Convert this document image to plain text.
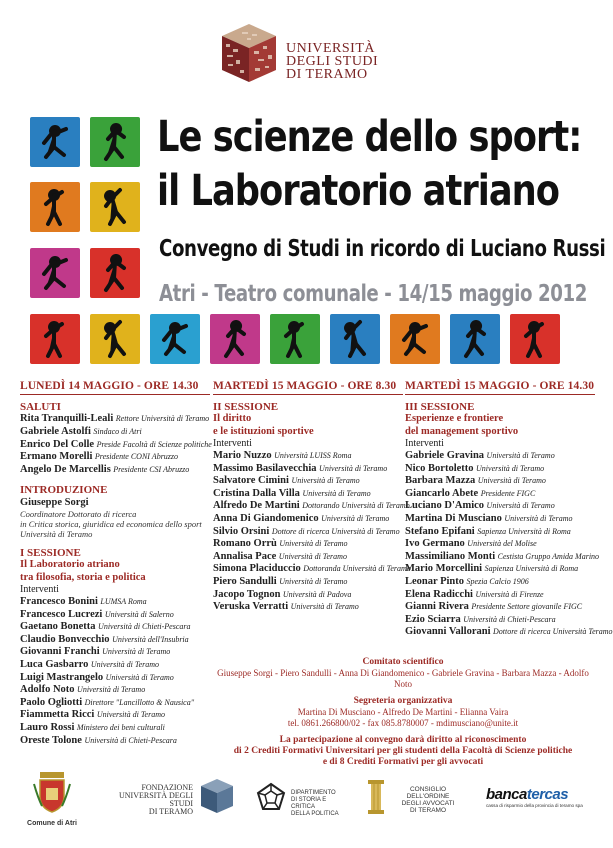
UNIVERSITÀ
DEGLI STUDI
DI TERAMO
Le scienze dello sport:
il Laboratorio atriano
Convegno di Studi in ricordo di Luciano Russi
Atri - Teatro comunale - 14/15 maggio 2012
LUNEDÌ 14 MAGGIO - ORE 14.30
SALUTI
Rita Tranquilli-Leali Rettore Università di Teramo
Gabriele Astolfi Sindaco di Atri
Enrico Del Colle Preside Facoltà di Scienze politiche
Ermano Morelli Presidente CONI Abruzzo
Angelo De Marcellis Presidente CSI Abruzzo
INTRODUZIONE
Giuseppe Sorgi
Coordinatore Dottorato di ricerca
in Critica storica, giuridica ed economica dello sport
Università di Teramo
I SESSIONE
Il Laboratorio atriano
tra filosofia, storia e politica
Interventi
Francesco Bonini LUMSA Roma
Francesco Lucrezi Università di Salerno
Gaetano Bonetta Università di Chieti-Pescara
Claudio Bonvecchio Università dell'Insubria
Giovanni Franchi Università di Teramo
Luca Gasbarro Università di Teramo
Luigi Mastrangelo Università di Teramo
Adolfo Noto Università di Teramo
Paolo Ogliotti Direttore "Lancillotto & Nausica"
Fiammetta Ricci Università di Teramo
Lauro Rossi Ministero dei beni culturali
Oreste Tolone Università di Chieti-Pescara
MARTEDÌ 15 MAGGIO - ORE 8.30
II SESSIONE
Il diritto
e le istituzioni sportive
Interventi
Mario Nuzzo Università LUISS Roma
Massimo Basilavecchia Università di Teramo
Salvatore Cimini Università di Teramo
Cristina Dalla Villa Università di Teramo
Alfredo De Martini Dottorando Università di Teramo
Anna Di Giandomenico Università di Teramo
Silvio Orsini Dottore di ricerca Università di Teramo
Romano Orrù Università di Teramo
Annalisa Pace Università di Teramo
Simona Placiduccio Dottoranda Università di Teramo
Piero Sandulli Università di Teramo
Jacopo Tognon Università di Padova
Veruska Verratti Università di Teramo
MARTEDÌ 15 MAGGIO - ORE 14.30
III SESSIONE
Esperienze e frontiere
del management sportivo
Interventi
Gabriele Gravina Università di Teramo
Nico Bortoletto Università di Teramo
Barbara Mazza Università di Teramo
Giancarlo Abete Presidente FIGC
Luciano D'Amico Università di Teramo
Martina Di Musciano Università di Teramo
Stefano Epifani Sapienza Università di Roma
Ivo Germano Università del Molise
Massimiliano Monti Cestista Gruppo Amida Marino
Mario Morcellini Sapienza Università di Roma
Leonar Pinto Spezia Calcio 1906
Elena Radicchi Università di Firenze
Gianni Rivera Presidente Settore giovanile FIGC
Ezio Sciarra Università di Chieti-Pescara
Giovanni Vallorani Dottore di ricerca Università Teramo
Comitato scientifico
Giuseppe Sorgi - Piero Sandulli - Anna Di Giandomenico - Gabriele Gravina - Barbara Mazza - Adolfo Noto
Segreteria organizzativa
Martina Di Musciano - Alfredo De Martini - Elianna Vaira
tel. 0861.266800/02 - fax 085.8780007 - mdimusciano@unite.it
La partecipazione al convegno darà diritto al riconoscimento
di 2 Crediti Formativi Universitari per gli studenti della Facoltà di Scienze politiche
e di 8 Crediti Formativi per gli avvocati
Comune di Atri
FONDAZIONE
UNIVERSITÀ DEGLI STUDI
DI TERAMO
DIPARTIMENTO
DI STORIA E CRITICA
DELLA POLITICA
CONSIGLIO DELL'ORDINE
DEGLI AVVOCATI
DI TERAMO
bancatercas
cassa di risparmio della provincia di teramo spa
